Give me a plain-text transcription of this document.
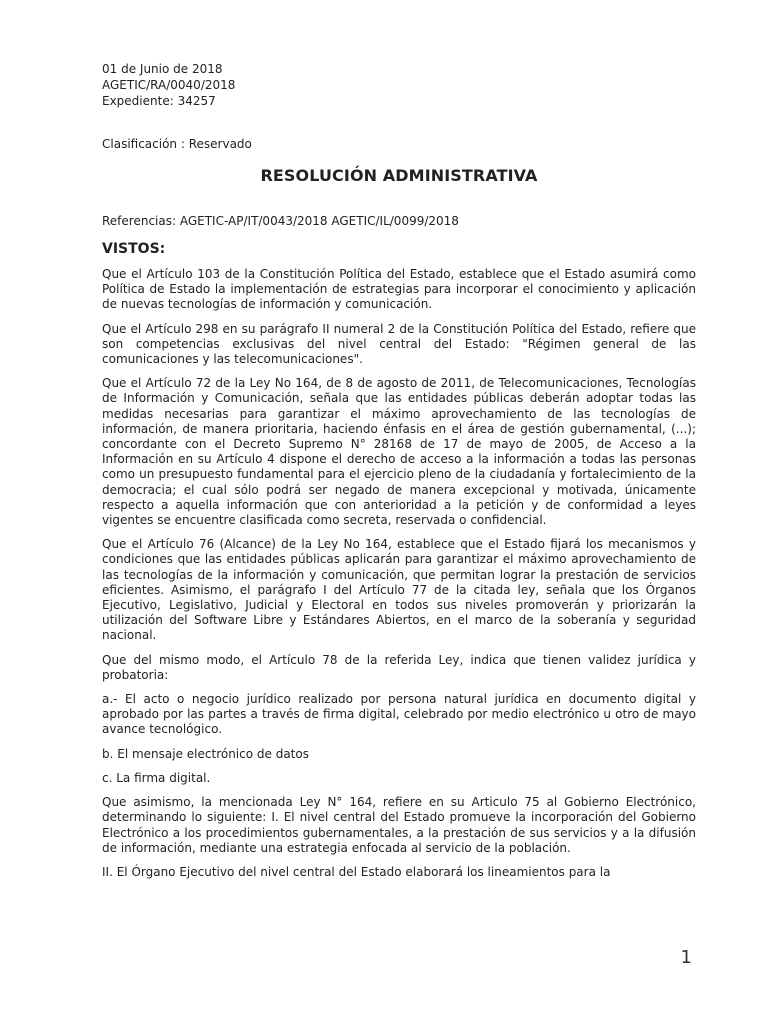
01 de Junio de 2018

AGETIC/RA/0040/2018

Expediente: 34257

Clasificación : Reservado

RESOLUCIÓN ADMINISTRATIVA

Referencias: AGETIC-AP/IT/0043/2018 AGETIC/IL/0099/2018

VISTOS:

Que el Artículo 103 de la Constitución Política del Estado, establece que el Estado asumirá como Política de Estado la implementación de estrategias para incorporar el conocimiento y aplicación de nuevas tecnologías de información y comunicación.

Que el Artículo 298 en su parágrafo II numeral 2 de la Constitución Política del Estado, refiere que son competencias exclusivas del nivel central del Estado: "Régimen general de las comunicaciones y las telecomunicaciones".

Que el Artículo 72 de la Ley No 164, de 8 de agosto de 2011, de Telecomunicaciones, Tecnologías de Información y Comunicación, señala que las entidades públicas deberán adoptar todas las medidas necesarias para garantizar el máximo aprovechamiento de las tecnologías de información, de manera prioritaria, haciendo énfasis en el área de gestión gubernamental, (...); concordante con el Decreto Supremo N° 28168 de 17 de mayo de 2005, de Acceso a la Información en su Artículo 4 dispone el derecho de acceso a la información a todas las personas como un presupuesto fundamental para el ejercicio pleno de la ciudadanía y fortalecimiento de la democracia; el cual sólo podrá ser negado de manera excepcional y motivada, únicamente respecto a aquella información que con anterioridad a la petición y de conformidad a leyes vigentes se encuentre clasificada como secreta, reservada o confidencial.

Que el Artículo 76 (Alcance) de la Ley No 164, establece que el Estado fijará los mecanismos y condiciones que las entidades públicas aplicarán para garantizar el máximo aprovechamiento de las tecnologías de la información y comunicación, que permitan lograr la prestación de servicios eficientes. Asimismo, el parágrafo I del Artículo 77 de la citada ley, señala que los Órganos Ejecutivo, Legislativo, Judicial y Electoral en todos sus niveles promoverán y priorizarán la utilización del Software Libre y Estándares Abiertos, en el marco de la soberanía y seguridad nacional.

Que del mismo modo, el Artículo 78 de la referida Ley, indica que tienen validez jurídica y probatoria:

a.- El acto o negocio jurídico realizado por persona natural jurídica en documento digital y aprobado por las partes a través de firma digital, celebrado por medio electrónico u otro de mayo avance tecnológico.

b. El mensaje electrónico de datos

c. La firma digital.

Que asimismo, la mencionada Ley N° 164, refiere en su Articulo 75 al Gobierno Electrónico, determinando lo siguiente: I. El nivel central del Estado promueve la incorporación del Gobierno Electrónico a los procedimientos gubernamentales, a la prestación de sus servicios y a la difusión de información, mediante una estrategia enfocada al servicio de la población.

II. El Órgano Ejecutivo del nivel central del Estado elaborará los lineamientos para la

1
